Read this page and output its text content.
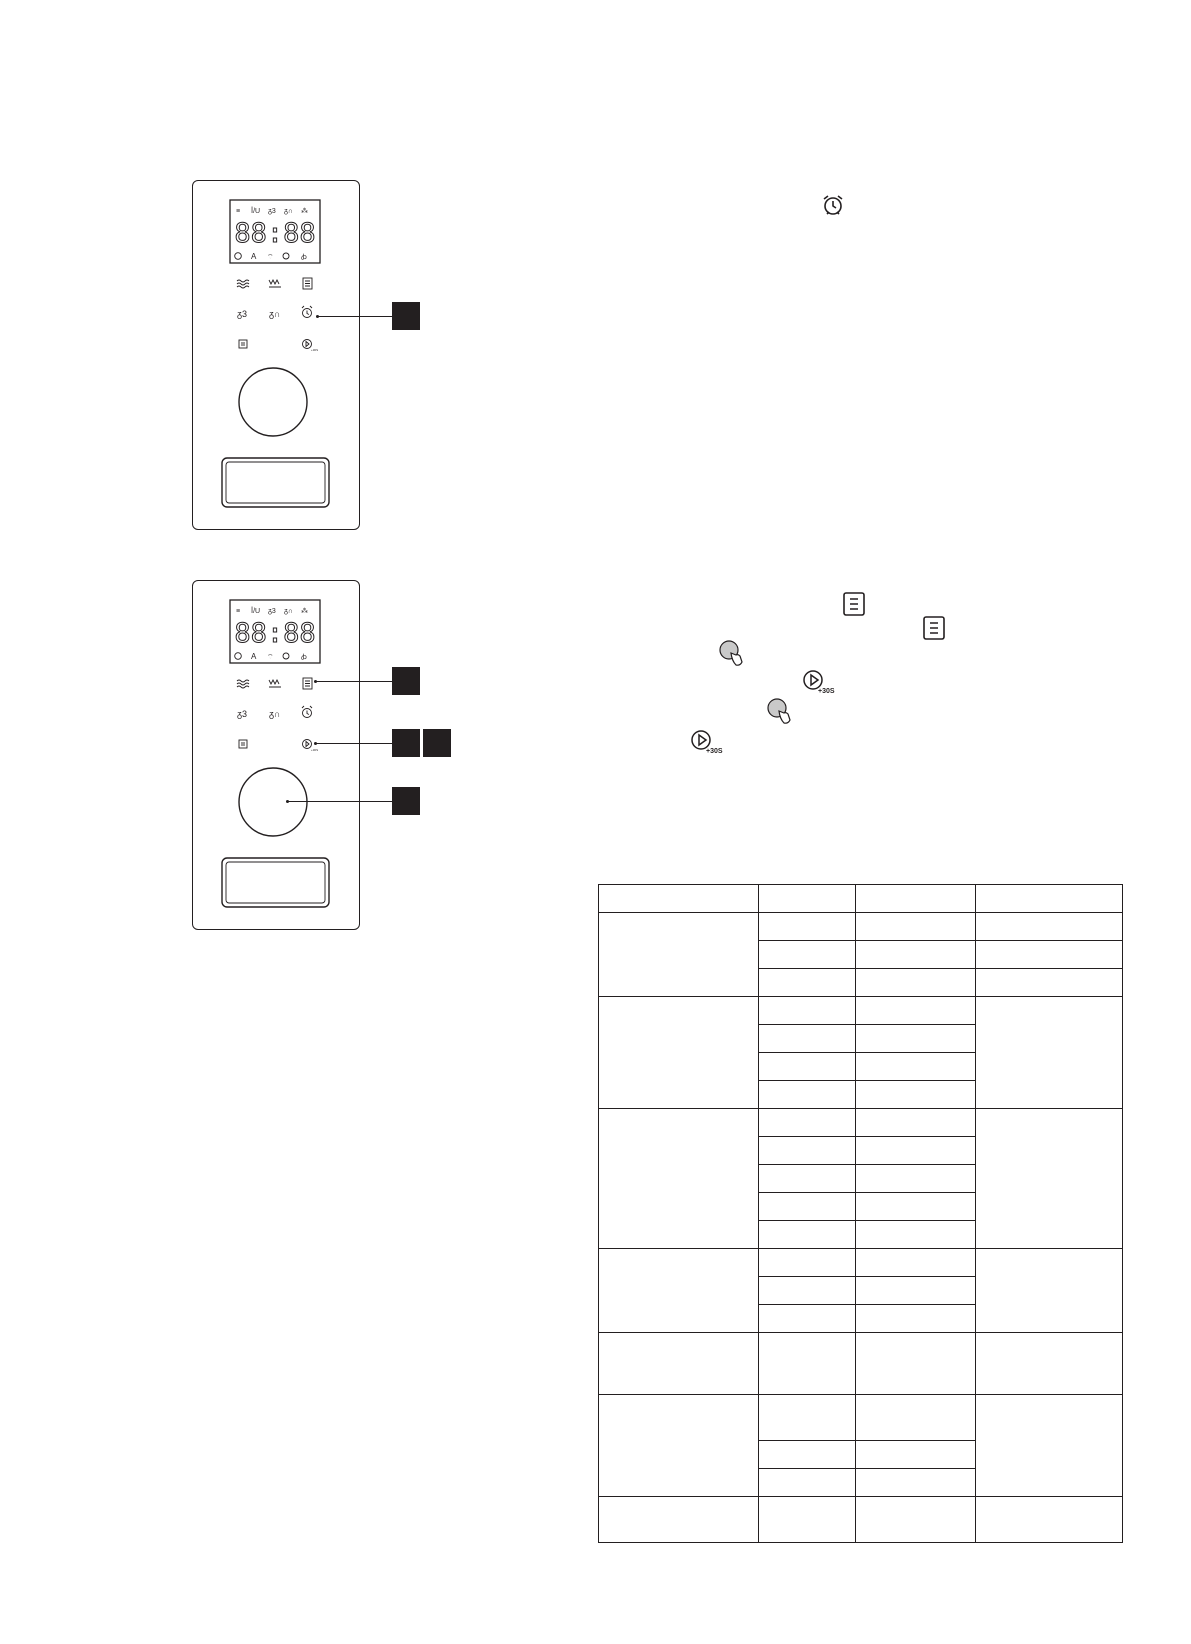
≡ ꟾ/U ᵹ3 ᵹ∩ ⁂
88:88
A ⌔	ꞗ
ᵹ3 ᵹ∩
+30S
≡ ꟾ/U ᵹ3 ᵹ∩ ⁂
88:88
A ⌔	ꞗ
ᵹ3 ᵹ∩
+30S
+30S
+30S
